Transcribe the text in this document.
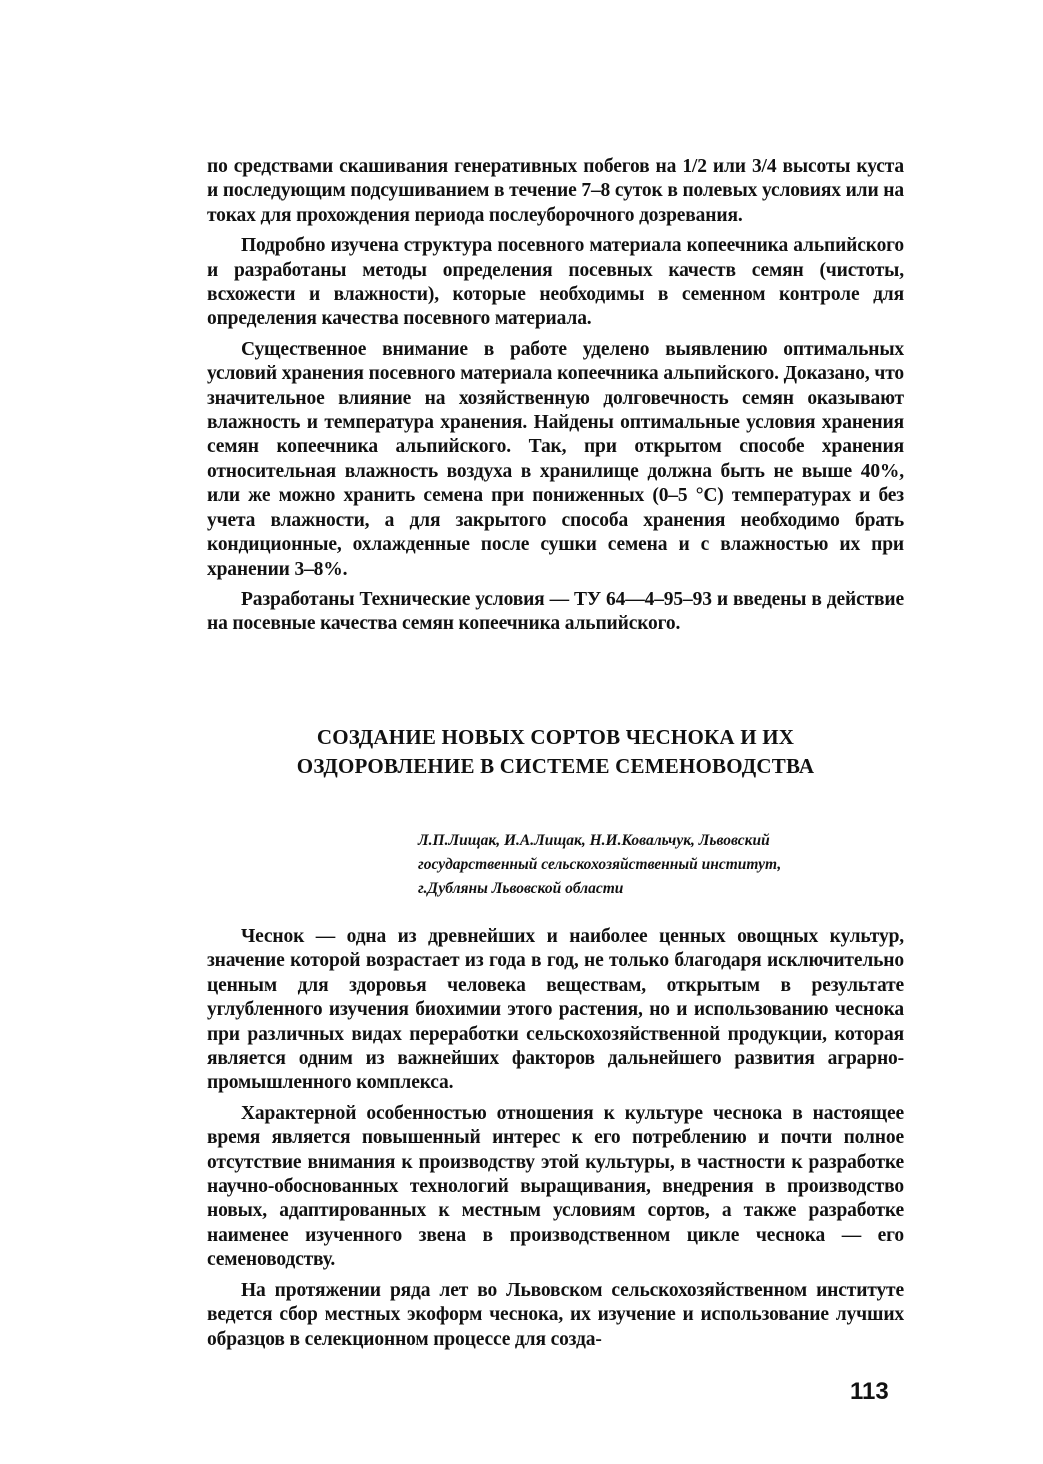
по средствами скашивания генеративных побегов на 1/2 или 3/4 высоты куста и последующим подсушиванием в течение 7–8 суток в полевых условиях или на токах для прохождения периода послеуборочного дозревания.

Подробно изучена структура посевного материала копеечника альпийского и разработаны методы определения посевных качеств семян (чистоты, всхожести и влажности), которые необходимы в семенном контроле для определения качества посевного материала.

Существенное внимание в работе уделено выявлению оптимальных условий хранения посевного материала копеечника альпийского. Доказано, что значительное влияние на хозяйственную долговечность семян оказывают влажность и температура хранения. Найдены оптимальные условия хранения семян копеечника альпийского. Так, при открытом способе хранения относительная влажность воздуха в хранилище должна быть не выше 40%, или же можно хранить семена при пониженных (0–5 °С) температурах и без учета влажности, а для закрытого способа хранения необходимо брать кондиционные, охлажденные после сушки семена и с влажностью их при хранении 3–8%.

Разработаны Технические условия — ТУ 64—4–95–93 и введены в действие на посевные качества семян копеечника альпийского.

СОЗДАНИЕ НОВЫХ СОРТОВ ЧЕСНОКА И ИХ
ОЗДОРОВЛЕНИЕ В СИСТЕМЕ СЕМЕНОВОДСТВА
Л.П.Лищак, И.А.Лищак, Н.И.Ковальчук, Львовский
государственный сельскохозяйственный институт,
г.Дубляны Львовской области

Чеснок — одна из древнейших и наиболее ценных овощных культур, значение которой возрастает из года в год, не только благодаря исключительно ценным для здоровья человека веществам, открытым в результате углубленного изучения биохимии этого растения, но и использованию чеснока при различных видах переработки сельскохозяйственной продукции, которая является одним из важнейших факторов дальнейшего развития аграрно-промышленного комплекса.

Характерной особенностью отношения к культуре чеснока в настоящее время является повышенный интерес к его потреблению и почти полное отсутствие внимания к производству этой культуры, в частности к разработке научно-обоснованных технологий выращивания, внедрения в производство новых, адаптированных к местным условиям сортов, а также разработке наименее изученного звена в производственном цикле чеснока — его семеноводству.

На протяжении ряда лет во Львовском сельскохозяйственном институте ведется сбор местных экоформ чеснока, их изучение и использование лучших образцов в селекционном процессе для созда-

113
